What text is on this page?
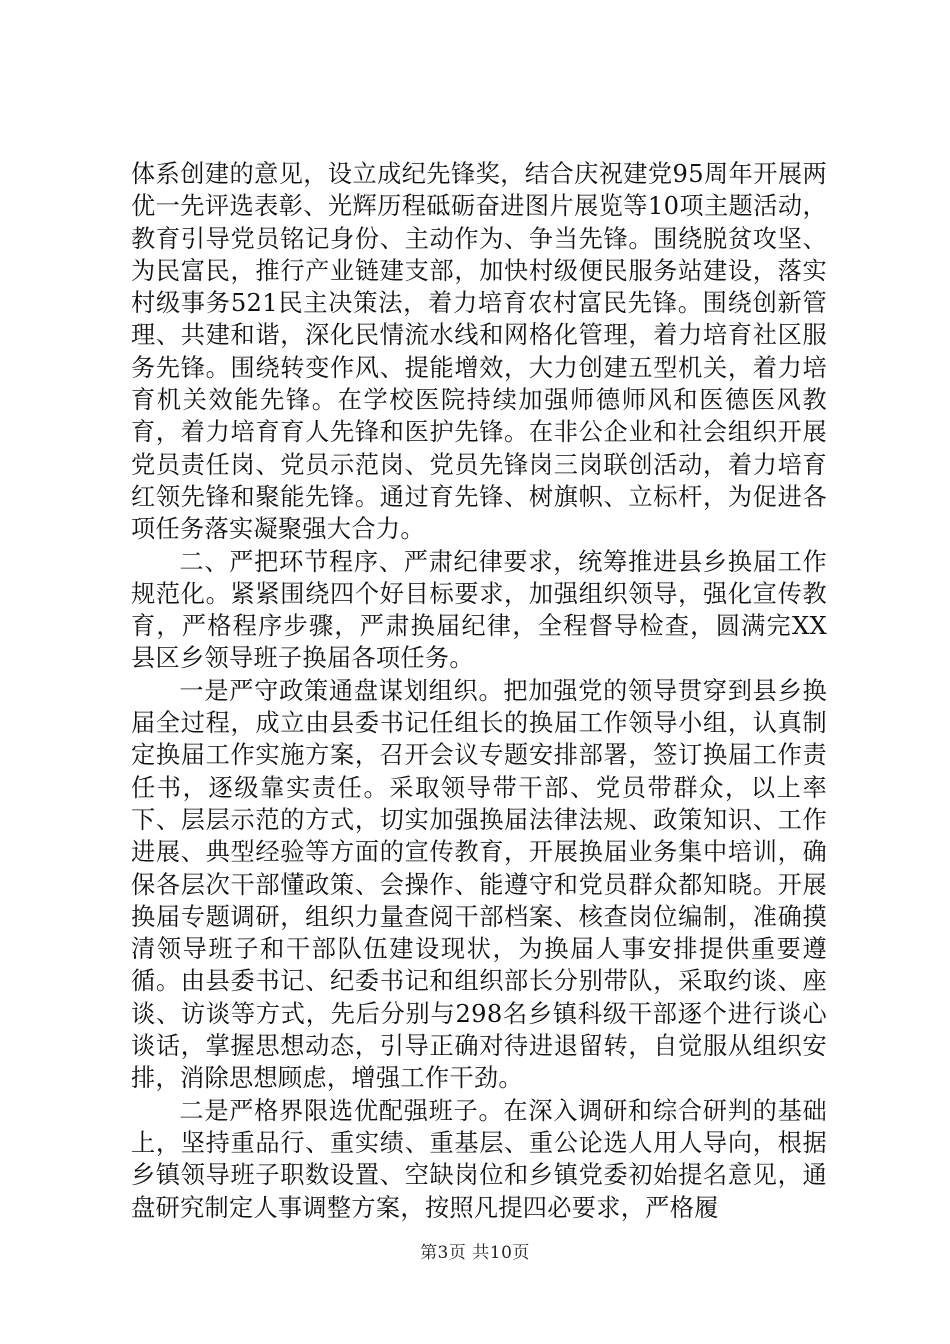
体系创建的意见，设立成纪先锋奖，结合庆祝建党95周年开展两优一先评选表彰、光辉历程砥砺奋进图片展览等10项主题活动，教育引导党员铭记身份、主动作为、争当先锋。围绕脱贫攻坚、为民富民，推行产业链建支部，加快村级便民服务站建设，落实村级事务521民主决策法，着力培育农村富民先锋。围绕创新管理、共建和谐，深化民情流水线和网格化管理，着力培育社区服务先锋。围绕转变作风、提能增效，大力创建五型机关，着力培育机关效能先锋。在学校医院持续加强师德师风和医德医风教育，着力培育育人先锋和医护先锋。在非公企业和社会组织开展党员责任岗、党员示范岗、党员先锋岗三岗联创活动，着力培育红领先锋和聚能先锋。通过育先锋、树旗帜、立标杆，为促进各项任务落实凝聚强大合力。

二、严把环节程序、严肃纪律要求，统筹推进县乡换届工作规范化。紧紧围绕四个好目标要求，加强组织领导，强化宣传教育，严格程序步骤，严肃换届纪律，全程督导检查，圆满完XX县区乡领导班子换届各项任务。

一是严守政策通盘谋划组织。把加强党的领导贯穿到县乡换届全过程，成立由县委书记任组长的换届工作领导小组，认真制定换届工作实施方案，召开会议专题安排部署，签订换届工作责任书，逐级靠实责任。采取领导带干部、党员带群众，以上率下、层层示范的方式，切实加强换届法律法规、政策知识、工作进展、典型经验等方面的宣传教育，开展换届业务集中培训，确保各层次干部懂政策、会操作、能遵守和党员群众都知晓。开展换届专题调研，组织力量查阅干部档案、核查岗位编制，准确摸清领导班子和干部队伍建设现状，为换届人事安排提供重要遵循。由县委书记、纪委书记和组织部长分别带队，采取约谈、座谈、访谈等方式，先后分别与298名乡镇科级干部逐个进行谈心谈话，掌握思想动态，引导正确对待进退留转，自觉服从组织安排，消除思想顾虑，增强工作干劲。

二是严格界限选优配强班子。在深入调研和综合研判的基础上，坚持重品行、重实绩、重基层、重公论选人用人导向，根据乡镇领导班子职数设置、空缺岗位和乡镇党委初始提名意见，通盘研究制定人事调整方案，按照凡提四必要求，严格履

第3页 共10页
